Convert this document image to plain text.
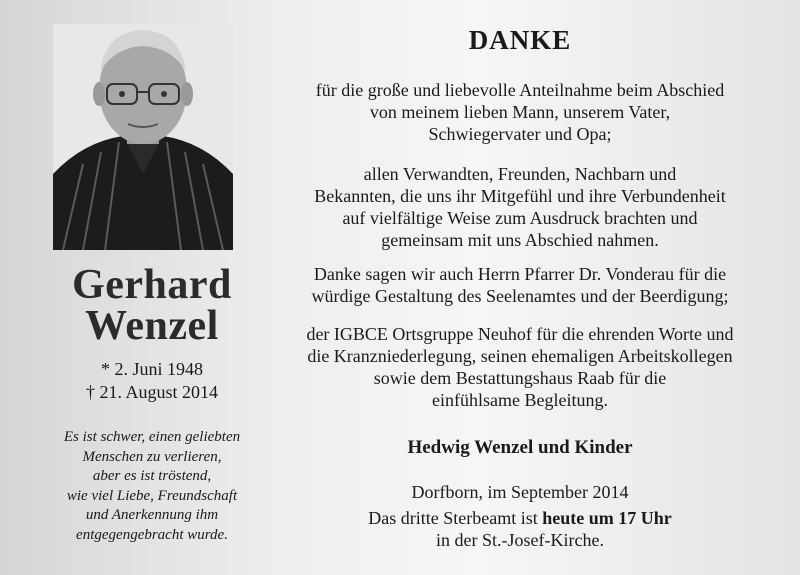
Gerhard
Wenzel
* 2. Juni 1948
† 21. August 2014
Es ist schwer, einen geliebten
Menschen zu verlieren,
aber es ist tröstend,
wie viel Liebe, Freundschaft
und Anerkennung ihm
entgegengebracht wurde.
DANKE
für die große und liebevolle Anteilnahme beim Abschied
von meinem lieben Mann, unserem Vater,
Schwiegervater und Opa;
allen Verwandten, Freunden, Nachbarn und
Bekannten, die uns ihr Mitgefühl und ihre Verbundenheit
auf vielfältige Weise zum Ausdruck brachten und
gemeinsam mit uns Abschied nahmen.
Danke sagen wir auch Herrn Pfarrer Dr. Vonderau für die
würdige Gestaltung des Seelenamtes und der Beerdigung;
der IGBCE Ortsgruppe Neuhof für die ehrenden Worte und
die Kranzniederlegung, seinen ehemaligen Arbeitskollegen
sowie dem Bestattungshaus Raab für die
einfühlsame Begleitung.
Hedwig Wenzel und Kinder
Dorfborn, im September 2014
Das dritte Sterbeamt ist heute um 17 Uhr
in der St.-Josef-Kirche.
